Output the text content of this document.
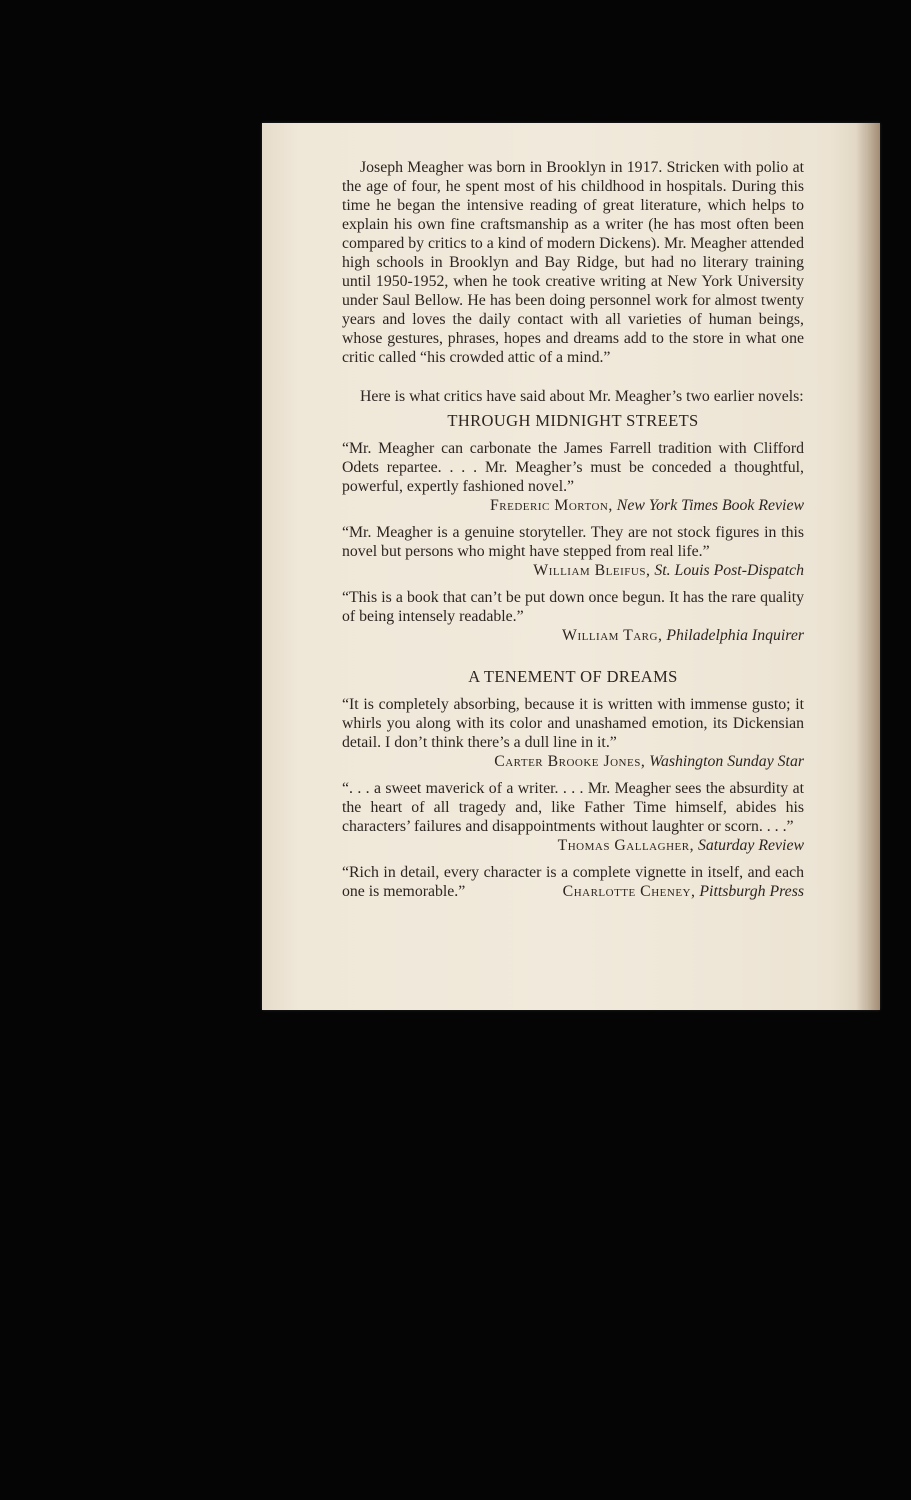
Joseph Meagher was born in Brooklyn in 1917. Stricken with polio at the age of four, he spent most of his childhood in hospitals. During this time he began the intensive reading of great literature, which helps to explain his own fine craftsmanship as a writer (he has most often been compared by critics to a kind of modern Dickens). Mr. Meagher attended high schools in Brooklyn and Bay Ridge, but had no literary training until 1950-1952, when he took creative writing at New York University under Saul Bellow. He has been doing personnel work for almost twenty years and loves the daily contact with all varieties of human beings, whose gestures, phrases, hopes and dreams add to the store in what one critic called “his crowded attic of a mind.”

Here is what critics have said about Mr. Meagher’s two earlier novels:

THROUGH MIDNIGHT STREETS

“Mr. Meagher can carbonate the James Farrell tradition with Clifford Odets repartee. . . . Mr. Meagher’s must be conceded a thoughtful, powerful, expertly fashioned novel.”

Frederic Morton, New York Times Book Review

“Mr. Meagher is a genuine storyteller. They are not stock figures in this novel but persons who might have stepped from real life.”

William Bleifus, St. Louis Post-Dispatch

“This is a book that can’t be put down once begun. It has the rare quality of being intensely readable.”

William Targ, Philadelphia Inquirer

A TENEMENT OF DREAMS

“It is completely absorbing, because it is written with immense gusto; it whirls you along with its color and unashamed emotion, its Dickensian detail. I don’t think there’s a dull line in it.”

Carter Brooke Jones, Washington Sunday Star

“. . . a sweet maverick of a writer. . . . Mr. Meagher sees the absurdity at the heart of all tragedy and, like Father Time himself, abides his characters’ failures and disappointments without laughter or scorn. . . .”

Thomas Gallagher, Saturday Review

“Rich in detail, every character is a complete vignette in itself, and each one is memorable.”	Charlotte Cheney, Pittsburgh Press
